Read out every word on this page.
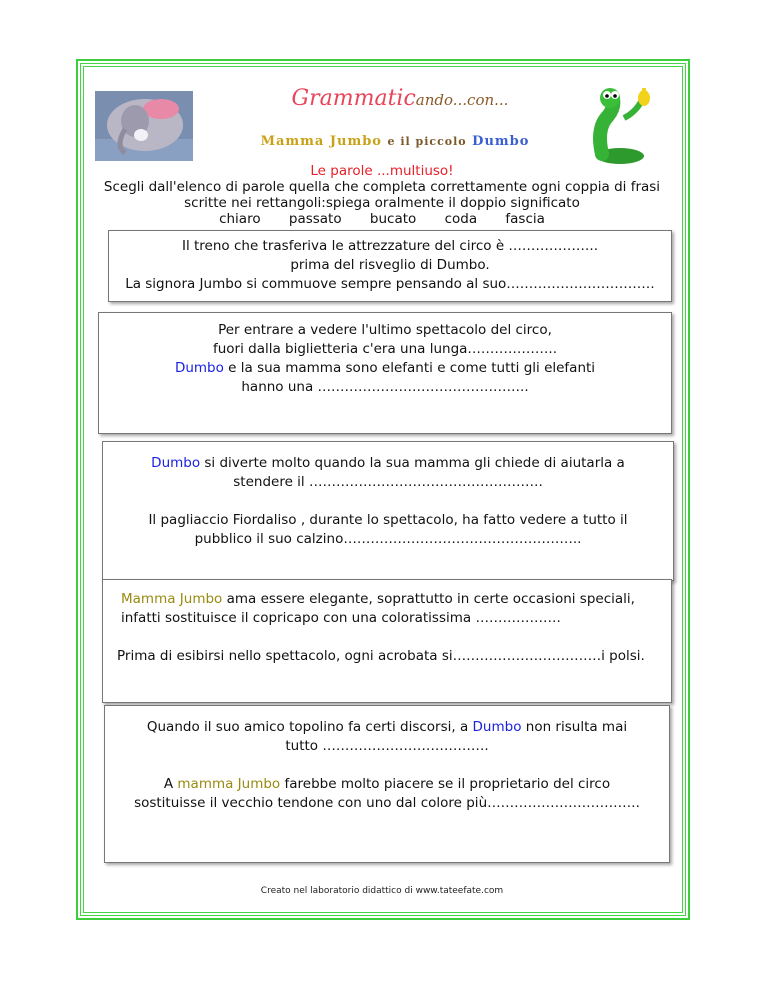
Grammaticando...con...
Mamma Jumbo e il piccolo Dumbo
Le parole ...multiuso!
Scegli dall'elenco di parole quella che completa correttamente ogni coppia di frasi
scritte nei rettangoli:spiega oralmente il doppio significato
chiaro passato bucato coda fascia

Il treno che trasferiva le attrezzature del circo è ………………..

prima del risveglio di Dumbo.

La signora Jumbo si commuove sempre pensando al suo……………………………

Per entrare a vedere l'ultimo spettacolo del circo,

fuori dalla biglietteria c'era una lunga………………..

Dumbo e la sua mamma sono elefanti e come tutti gli elefanti

hanno una ………………………………………..

Dumbo si diverte molto quando la sua mamma gli chiede di aiutarla a

stendere il …………………………………………….

Il pagliaccio Fiordaliso , durante lo spettacolo, ha fatto vedere a tutto il

pubblico il suo calzino……………………………………………..

Mamma Jumbo ama essere elegante, soprattutto in certe occasioni speciali,

infatti sostituisce il copricapo con una coloratissima ……………….

Prima di esibirsi nello spettacolo, ogni acrobata si……………………………i polsi.

Quando il suo amico topolino fa certi discorsi, a Dumbo non risulta mai

tutto ……………………………….

A mamma Jumbo farebbe molto piacere se il proprietario del circo

sostituisse il vecchio tendone con uno dal colore più…………………………….

Creato nel laboratorio didattico di www.tateefate.com
